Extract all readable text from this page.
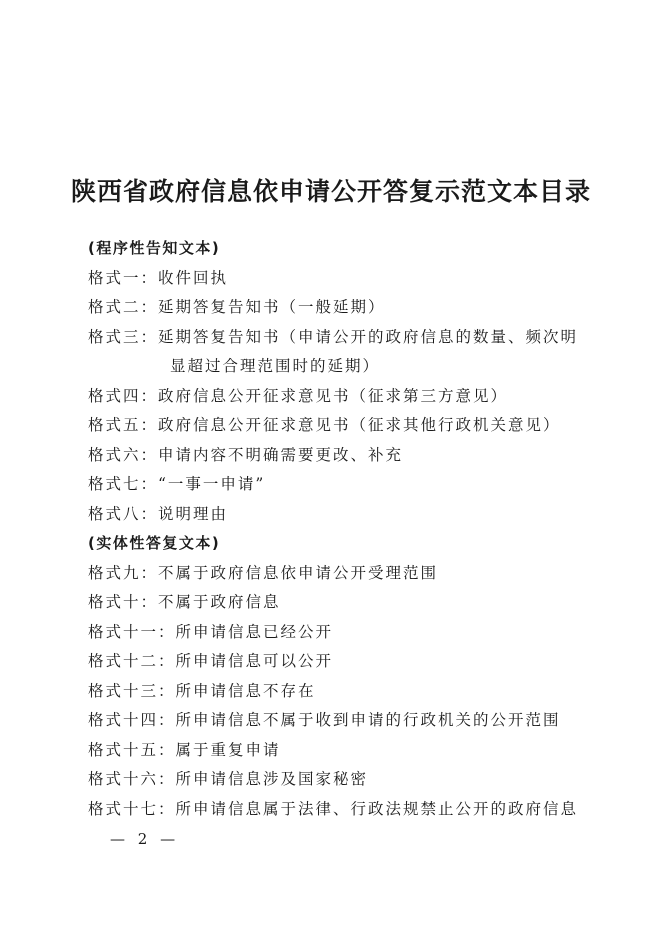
陕西省政府信息依申请公开答复示范文本目录
(程序性告知文本)
格式一：收件回执
格式二：延期答复告知书（一般延期）
格式三：延期答复告知书（申请公开的政府信息的数量、频次明
显超过合理范围时的延期）
格式四：政府信息公开征求意见书（征求第三方意见）
格式五：政府信息公开征求意见书（征求其他行政机关意见）
格式六：申请内容不明确需要更改、补充
格式七：“一事一申请”
格式八：说明理由
(实体性答复文本)
格式九：不属于政府信息依申请公开受理范围
格式十：不属于政府信息
格式十一：所申请信息已经公开
格式十二：所申请信息可以公开
格式十三：所申请信息不存在
格式十四：所申请信息不属于收到申请的行政机关的公开范围
格式十五：属于重复申请
格式十六：所申请信息涉及国家秘密
格式十七：所申请信息属于法律、行政法规禁止公开的政府信息
— 2 —
